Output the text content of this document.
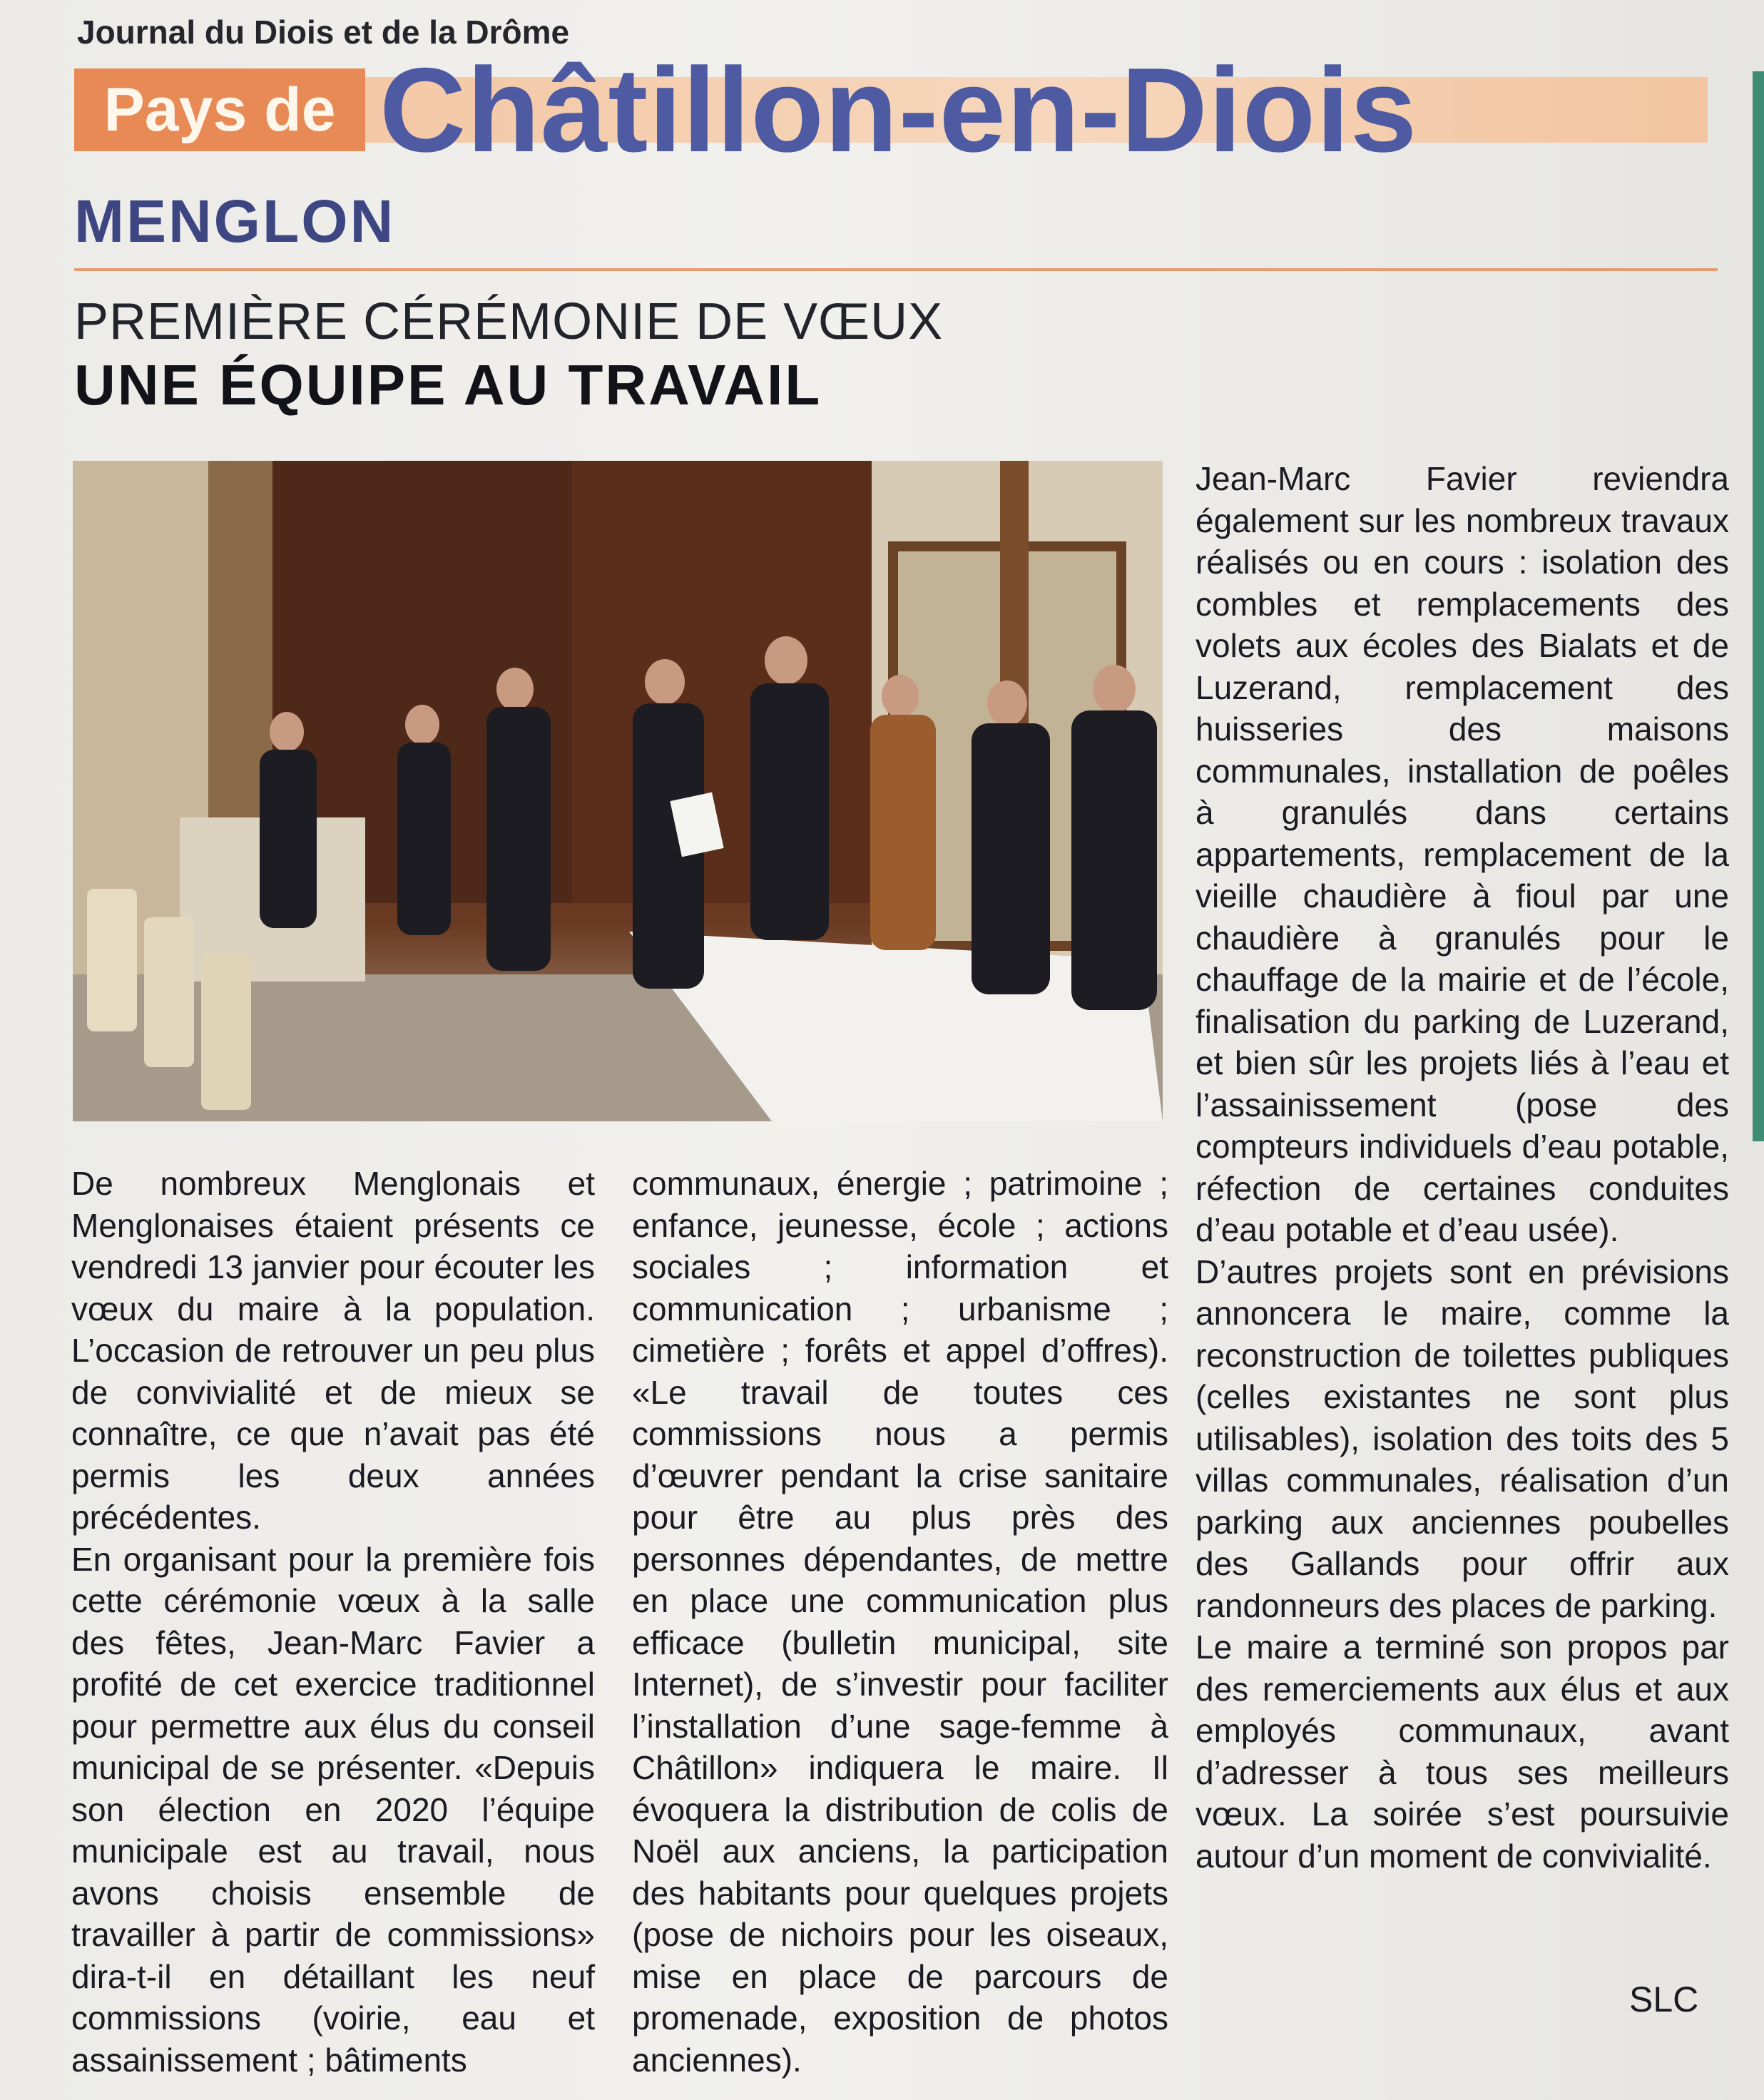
Journal du Diois et de la Drôme
Pays de Châtillon-en-Diois
MENGLON
PREMIÈRE CÉRÉMONIE DE VŒUX
UNE ÉQUIPE AU TRAVAIL

De nombreux Menglonais et Menglonaises étaient présents ce vendredi 13 janvier pour écouter les vœux du maire à la population. L’occasion de retrouver un peu plus de convivialité et de mieux se connaître, ce que n’avait pas été permis les deux années précédentes.

En organisant pour la première fois cette cérémonie vœux à la salle des fêtes, Jean-Marc Favier a profité de cet exercice traditionnel pour permettre aux élus du conseil municipal de se présenter. «Depuis son élection en 2020 l’équipe municipale est au travail, nous avons choisis ensemble de travailler à partir de commissions» dira-t-il en détaillant les neuf commissions (voirie, eau et assainissement ; bâtiments

communaux, énergie ; patrimoine ; enfance, jeunesse, école ; actions sociales ; information et communication ; urbanisme ; cimetière ; forêts et appel d’offres). «Le travail de toutes ces commissions nous a permis d’œuvrer pendant la crise sanitaire pour être au plus près des personnes dépendantes, de mettre en place une communication plus efficace (bulletin municipal, site Internet), de s’investir pour faciliter l’installation d’une sage-femme à Châtillon» indiquera le maire. Il évoquera la distribution de colis de Noël aux anciens, la participation des habitants pour quelques projets (pose de nichoirs pour les oiseaux, mise en place de parcours de promenade, exposition de photos anciennes).

Jean-Marc Favier reviendra également sur les nombreux travaux réalisés ou en cours : isolation des combles et remplacements des volets aux écoles des Bialats et de Luzerand, remplacement des huisseries des maisons communales, installation de poêles à granulés dans certains appartements, remplacement de la vieille chaudière à fioul par une chaudière à granulés pour le chauffage de la mairie et de l’école, finalisation du parking de Luzerand, et bien sûr les projets liés à l’eau et l’assainissement (pose des compteurs individuels d’eau potable, réfection de certaines conduites d’eau potable et d’eau usée).

D’autres projets sont en prévisions annoncera le maire, comme la reconstruction de toilettes publiques (celles existantes ne sont plus utilisables), isolation des toits des 5 villas communales, réalisation d’un parking aux anciennes poubelles des Gallands pour offrir aux randonneurs des places de parking.

Le maire a terminé son propos par des remerciements aux élus et aux employés communaux, avant d’adresser à tous ses meilleurs vœux. La soirée s’est poursuivie autour d’un moment de convivialité.

SLC
